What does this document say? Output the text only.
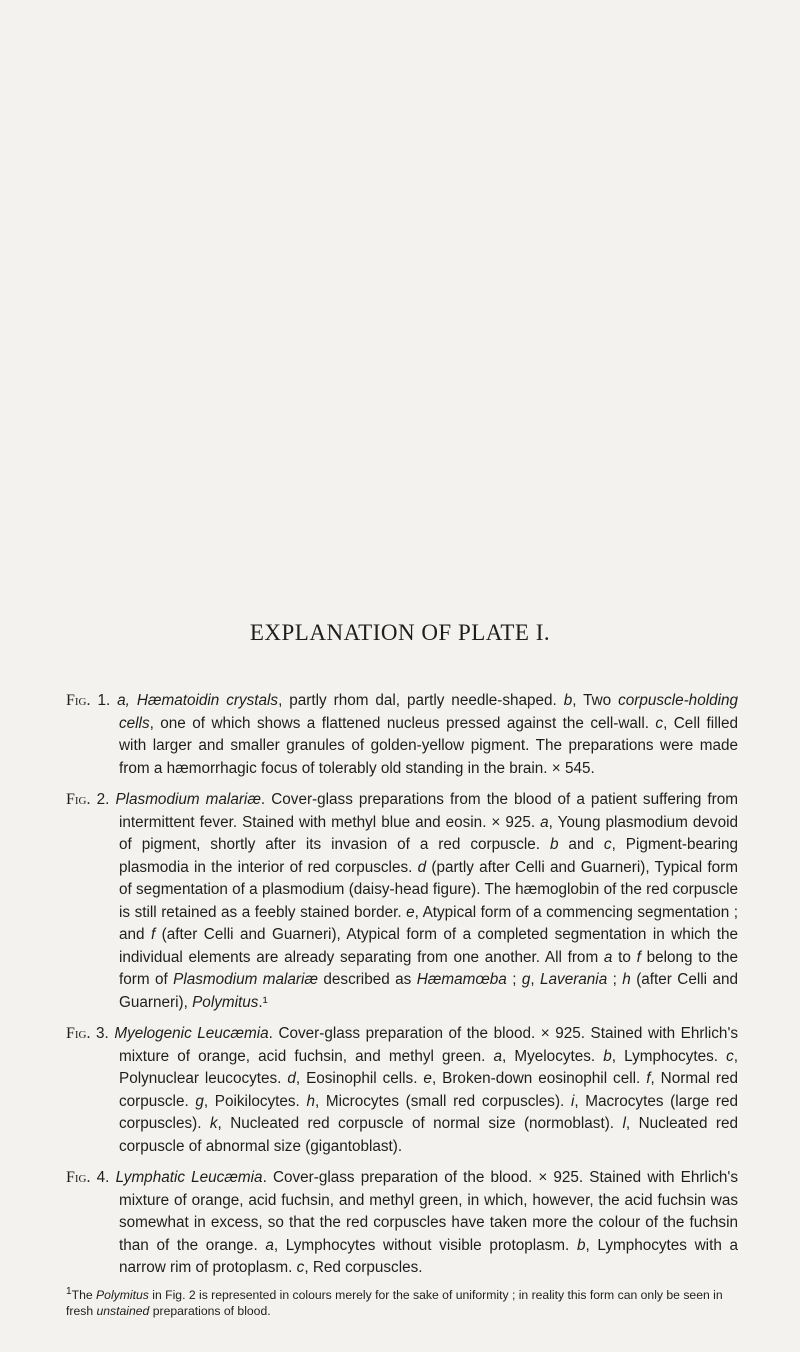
EXPLANATION OF PLATE I.

Fig. 1. a, Hæmatoidin crystals, partly rhom dal, partly needle-shaped. b, Two corpuscle-holding cells, one of which shows a flattened nucleus pressed against the cell-wall. c, Cell filled with larger and smaller granules of golden-yellow pigment. The preparations were made from a hæmorrhagic focus of tolerably old standing in the brain. × 545.

Fig. 2. Plasmodium malariæ. Cover-glass preparations from the blood of a patient suffering from intermittent fever. Stained with methyl blue and eosin. × 925. a, Young plasmodium devoid of pigment, shortly after its invasion of a red corpuscle. b and c, Pigment-bearing plasmodia in the interior of red corpuscles. d (partly after Celli and Guarneri), Typical form of segmentation of a plasmodium (daisy-head figure). The hæmoglobin of the red corpuscle is still retained as a feebly stained border. e, Atypical form of a commencing segmentation ; and f (after Celli and Guarneri), Atypical form of a completed segmentation in which the individual elements are already separating from one another. All from a to f belong to the form of Plasmodium malariæ described as Hæmamœba ; g, Laverania ; h (after Celli and Guarneri), Polymitus.¹

Fig. 3. Myelogenic Leucæmia. Cover-glass preparation of the blood. × 925. Stained with Ehrlich's mixture of orange, acid fuchsin, and methyl green. a, Myelocytes. b, Lymphocytes. c, Polynuclear leucocytes. d, Eosinophil cells. e, Broken-down eosinophil cell. f, Normal red corpuscle. g, Poikilocytes. h, Microcytes (small red corpuscles). i, Macrocytes (large red corpuscles). k, Nucleated red corpuscle of normal size (normoblast). l, Nucleated red corpuscle of abnormal size (gigantoblast).

Fig. 4. Lymphatic Leucæmia. Cover-glass preparation of the blood. × 925. Stained with Ehrlich's mixture of orange, acid fuchsin, and methyl green, in which, however, the acid fuchsin was somewhat in excess, so that the red corpuscles have taken more the colour of the fuchsin than of the orange. a, Lymphocytes without visible protoplasm. b, Lymphocytes with a narrow rim of protoplasm. c, Red corpuscles.

$^1$The Polymitus in Fig. 2 is represented in colours merely for the sake of uniformity ; in reality this form can only be seen in fresh unstained preparations of blood.
